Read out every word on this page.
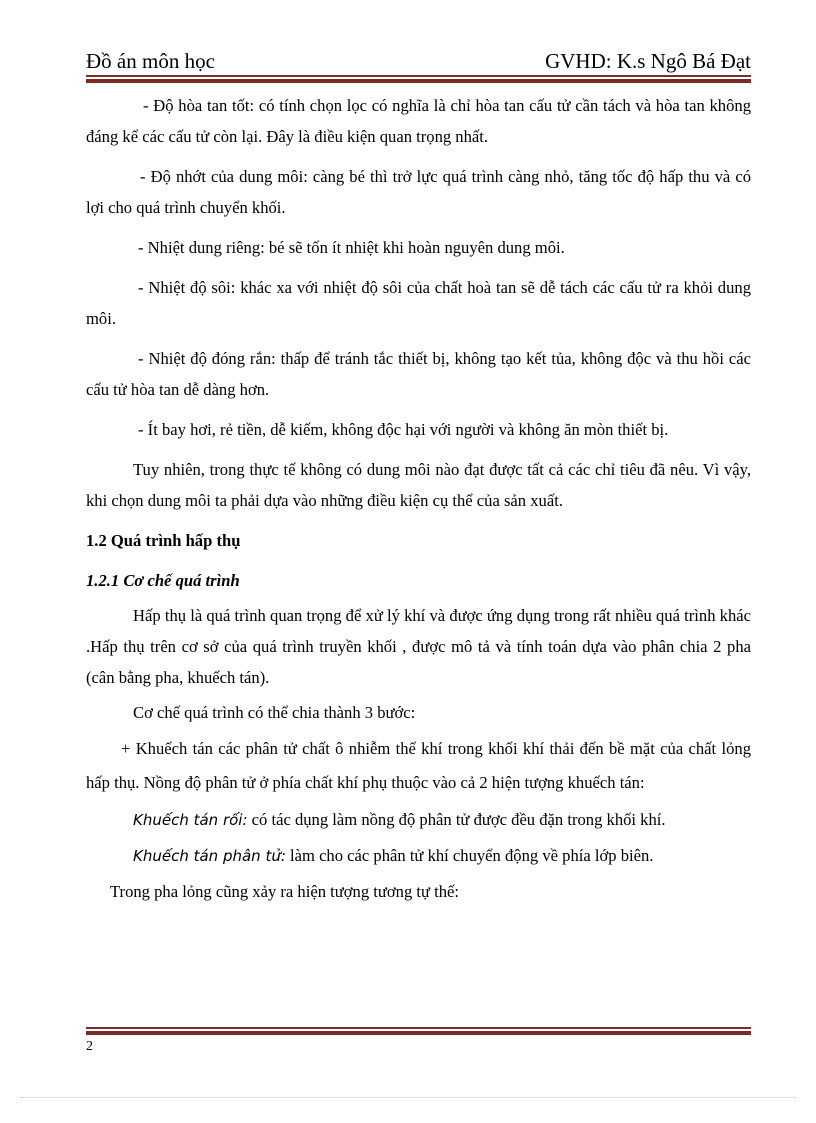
Đồ án môn học	GVHD: K.s Ngô Bá Đạt

- Độ hòa tan tốt: có tính chọn lọc có nghĩa là chỉ hòa tan cấu tử cần tách và hòa tan không đáng kể các cấu tử còn lại. Đây là điều kiện quan trọng nhất.

- Độ nhớt của dung môi: càng bé thì trở lực quá trình càng nhỏ, tăng tốc độ hấp thu và có lợi cho quá trình chuyển khối.

- Nhiệt dung riêng: bé sẽ tốn ít nhiệt khi hoàn nguyên dung môi.

- Nhiệt độ sôi: khác xa với nhiệt độ sôi của chất hoà tan sẽ dễ tách các cấu tử ra khỏi dung môi.

- Nhiệt độ đóng rắn: thấp để tránh tắc thiết bị, không tạo kết tủa, không độc và thu hồi các cấu tử hòa tan dễ dàng hơn.

- Ít bay hơi, rẻ tiền, dễ kiếm, không độc hại với người và không ăn mòn thiết bị.

Tuy nhiên, trong thực tế không có dung môi nào đạt được tất cả các chỉ tiêu đã nêu. Vì vậy, khi chọn dung môi ta phải dựa vào những điều kiện cụ thể của sản xuất.

1.2 Quá trình hấp thụ

1.2.1 Cơ chế quá trình

Hấp thụ là quá trình quan trọng để xử lý khí và được ứng dụng trong rất nhiều quá trình khác .Hấp thụ trên cơ sở của quá trình truyền khối , được mô tả và tính toán dựa vào phân chia 2 pha (cân bằng pha, khuếch tán).

Cơ chế quá trình có thể chia thành 3 bước:

+ Khuếch tán các phân tử chất ô nhiễm thể khí trong khối khí thải đến bề mặt của chất lỏng hấp thụ. Nồng độ phân tử ở phía chất khí phụ thuộc vào cả 2 hiện tượng khuếch tán:

Khuếch tán rối: có tác dụng làm nồng độ phân tử được đều đặn trong khối khí.

Khuếch tán phân tử: làm cho các phân tử khí chuyển động về phía lớp biên.

Trong pha lỏng cũng xảy ra hiện tượng tương tự thế:

2
